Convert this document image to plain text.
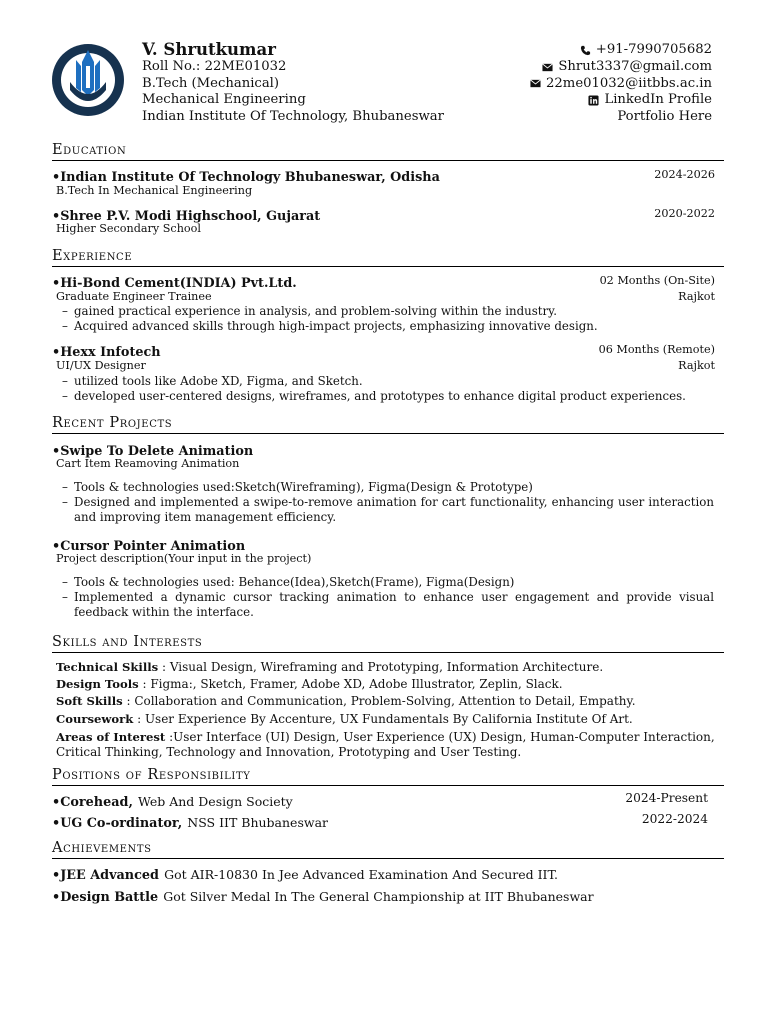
V. Shrutkumar
Roll No.: 22ME01032
B.Tech (Mechanical)
Mechanical Engineering
Indian Institute Of Technology, Bhubaneswar
+91-7990705682
Shrut3337@gmail.com
22me01032@iitbbs.ac.in
LinkedIn Profile
Portfolio Here
Education
•Indian Institute Of Technology Bhubaneswar, Odisha	2024-2026
B.Tech In Mechanical Engineering
•Shree P.V. Modi Highschool, Gujarat	2020-2022
Higher Secondary School
Experience
•Hi-Bond Cement(INDIA) Pvt.Ltd.	02 Months (On-Site)
Graduate Engineer Trainee	Rajkot
– gained practical experience in analysis, and problem-solving within the industry.
– Acquired advanced skills through high-impact projects, emphasizing innovative design.
•Hexx Infotech	06 Months (Remote)
UI/UX Designer	Rajkot
– utilized tools like Adobe XD, Figma, and Sketch.
– developed user-centered designs, wireframes, and prototypes to enhance digital product experiences.
Recent Projects
•Swipe To Delete Animation
Cart Item Reamoving Animation
– Tools & technologies used:Sketch(Wireframing), Figma(Design & Prototype)
– Designed and implemented a swipe-to-remove animation for cart functionality, enhancing user interaction and improving item management efficiency.
•Cursor Pointer Animation
Project description(Your input in the project)
– Tools & technologies used: Behance(Idea),Sketch(Frame), Figma(Design)
– Implemented a dynamic cursor tracking animation to enhance user engagement and provide visual feedback within the interface.
Skills and Interests
Technical Skills : Visual Design, Wireframing and Prototyping, Information Architecture.
Design Tools : Figma:, Sketch, Framer, Adobe XD, Adobe Illustrator, Zeplin, Slack.
Soft Skills : Collaboration and Communication, Problem-Solving, Attention to Detail, Empathy.
Coursework : User Experience By Accenture, UX Fundamentals By California Institute Of Art.
Areas of Interest :User Interface (UI) Design, User Experience (UX) Design, Human-Computer Interaction,
Critical Thinking, Technology and Innovation, Prototyping and User Testing.
Positions of Responsibility
•Corehead, Web And Design Society	2024-Present
•UG Co-ordinator, NSS IIT Bhubaneswar	2022-2024
Achievements
•JEE Advanced Got AIR-10830 In Jee Advanced Examination And Secured IIT.
•Design Battle Got Silver Medal In The General Championship at IIT Bhubaneswar
